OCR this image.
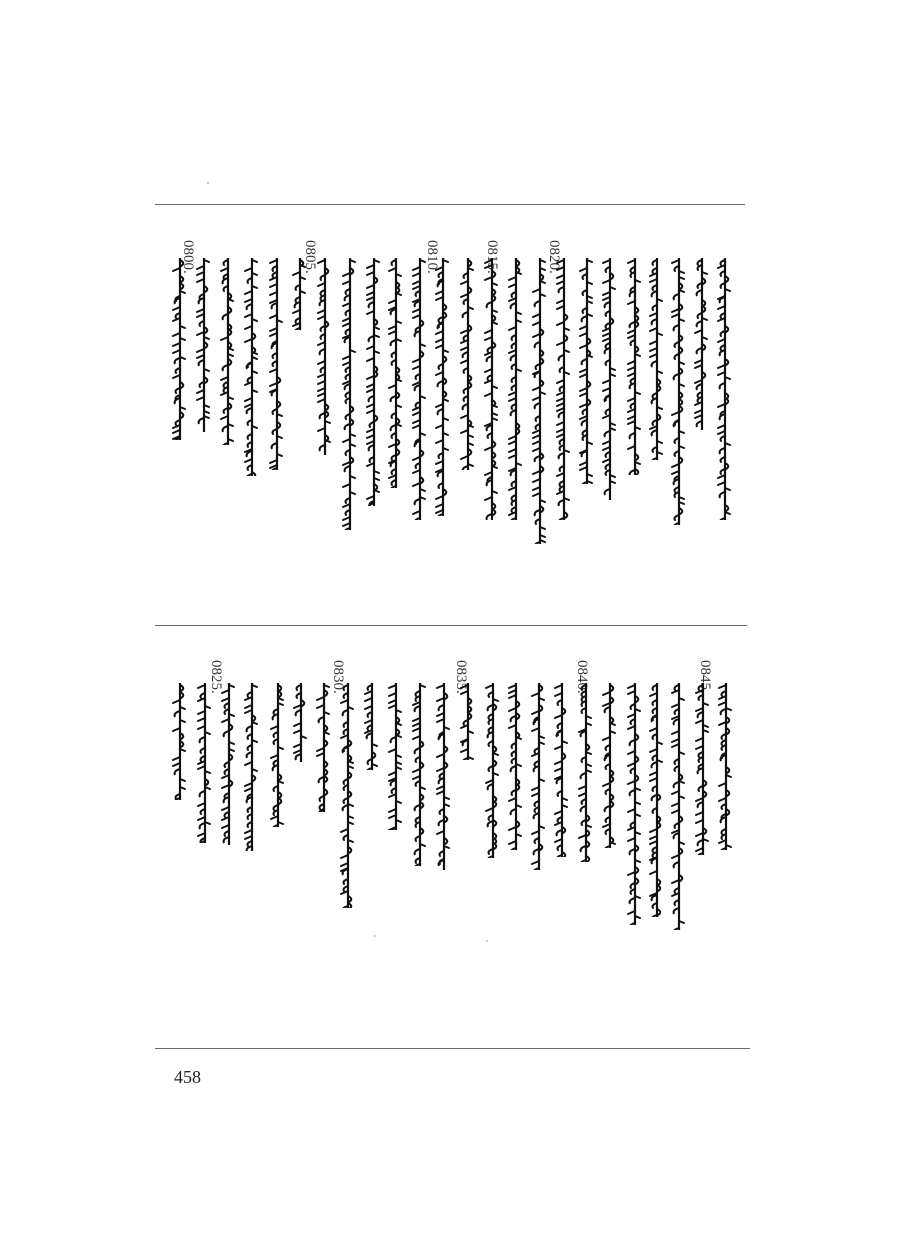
0820.
0815.
0810.
0805.
0800.
0845.
0840.
0835.
0830.
0825.
458
